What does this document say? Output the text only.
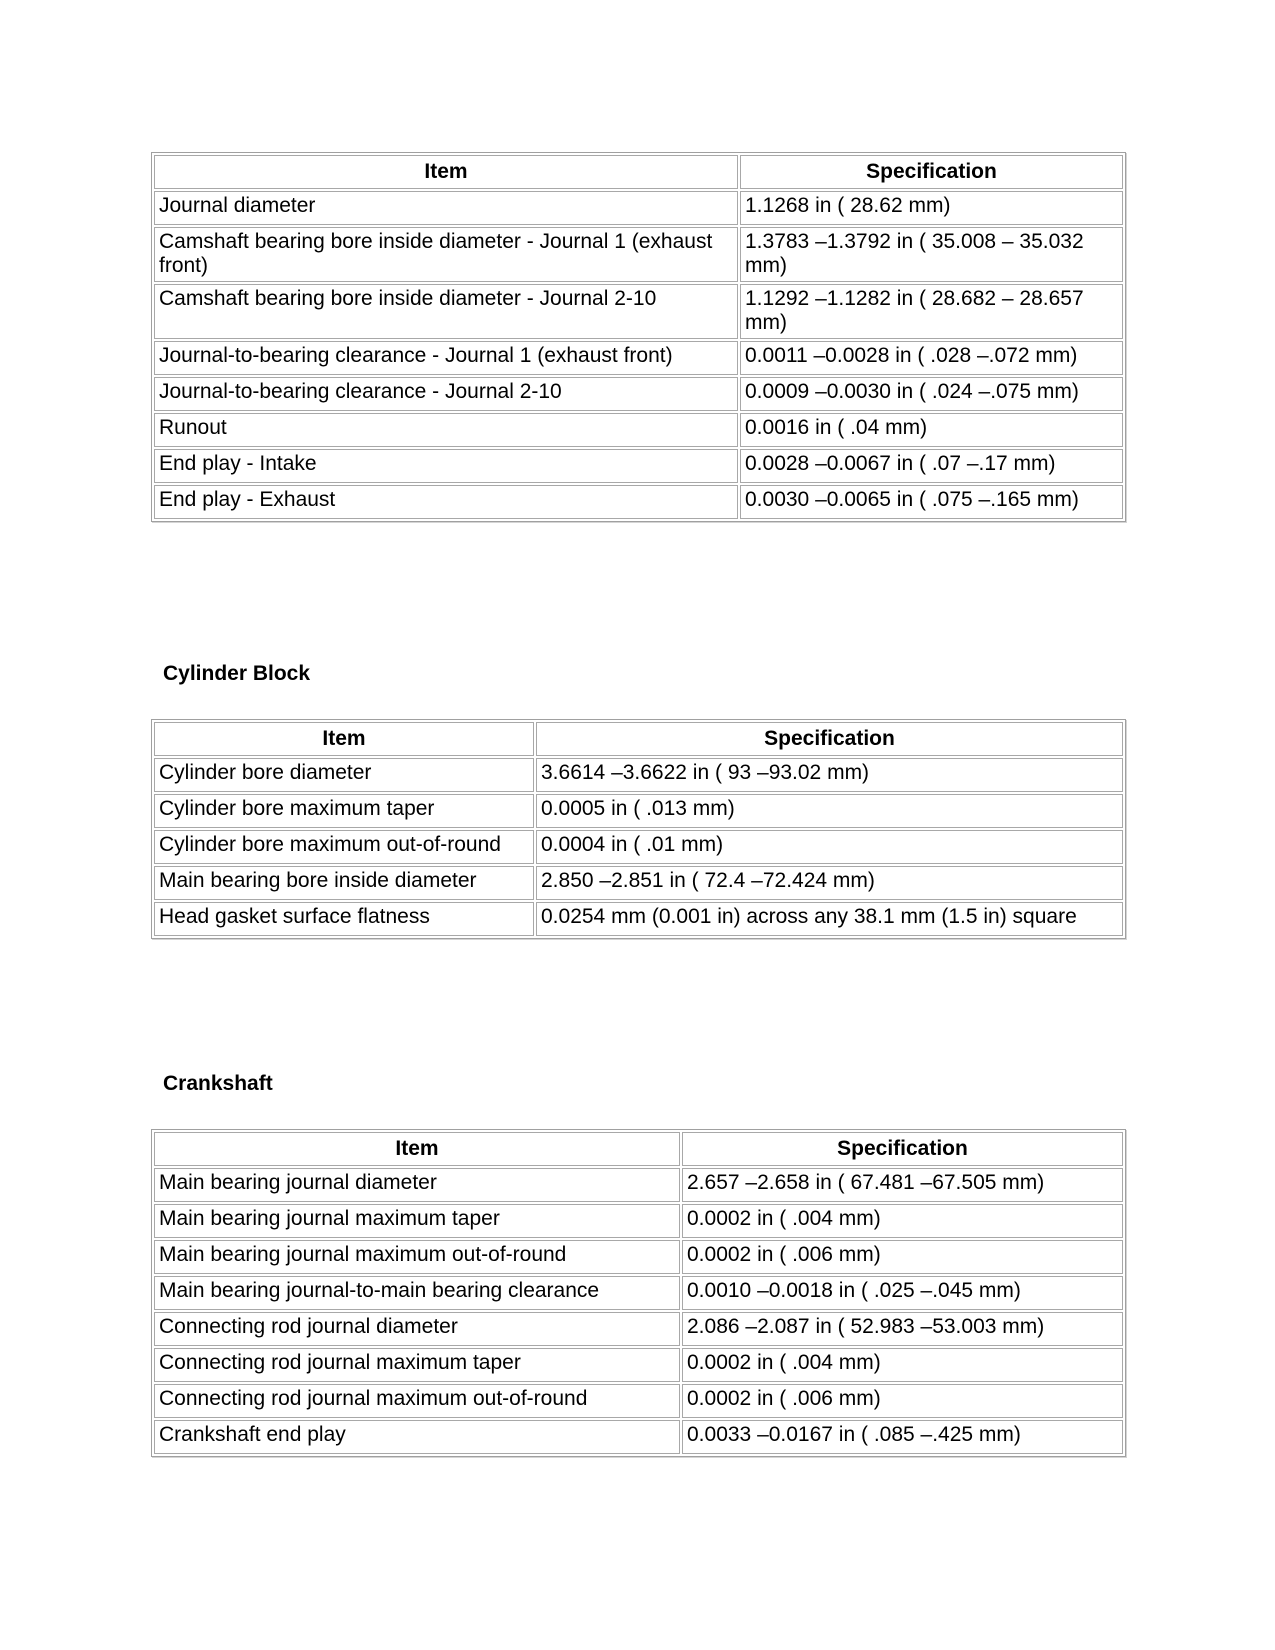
Item	Specification
Journal diameter	1.1268 in ( 28.62 mm)
Camshaft bearing bore inside diameter - Journal 1 (exhaust front)	1.3783 –1.3792 in ( 35.008 – 35.032 mm)
Camshaft bearing bore inside diameter - Journal 2-10	1.1292 –1.1282 in ( 28.682 – 28.657 mm)
Journal-to-bearing clearance - Journal 1 (exhaust front)	0.0011 –0.0028 in ( .028 –.072 mm)
Journal-to-bearing clearance - Journal 2-10	0.0009 –0.0030 in ( .024 –.075 mm)
Runout	0.0016 in ( .04 mm)
End play - Intake	0.0028 –0.0067 in ( .07 –.17 mm)
End play - Exhaust	0.0030 –0.0065 in ( .075 –.165 mm)
Cylinder Block
Item	Specification
Cylinder bore diameter	3.6614 –3.6622 in ( 93 –93.02 mm)
Cylinder bore maximum taper	0.0005 in ( .013 mm)
Cylinder bore maximum out-of-round	0.0004 in ( .01 mm)
Main bearing bore inside diameter	2.850 –2.851 in ( 72.4 –72.424 mm)
Head gasket surface flatness	0.0254 mm (0.001 in) across any 38.1 mm (1.5 in) square
Crankshaft
Item	Specification
Main bearing journal diameter	2.657 –2.658 in ( 67.481 –67.505 mm)
Main bearing journal maximum taper	0.0002 in ( .004 mm)
Main bearing journal maximum out-of-round	0.0002 in ( .006 mm)
Main bearing journal-to-main bearing clearance	0.0010 –0.0018 in ( .025 –.045 mm)
Connecting rod journal diameter	2.086 –2.087 in ( 52.983 –53.003 mm)
Connecting rod journal maximum taper	0.0002 in ( .004 mm)
Connecting rod journal maximum out-of-round	0.0002 in ( .006 mm)
Crankshaft end play	0.0033 –0.0167 in ( .085 –.425 mm)
